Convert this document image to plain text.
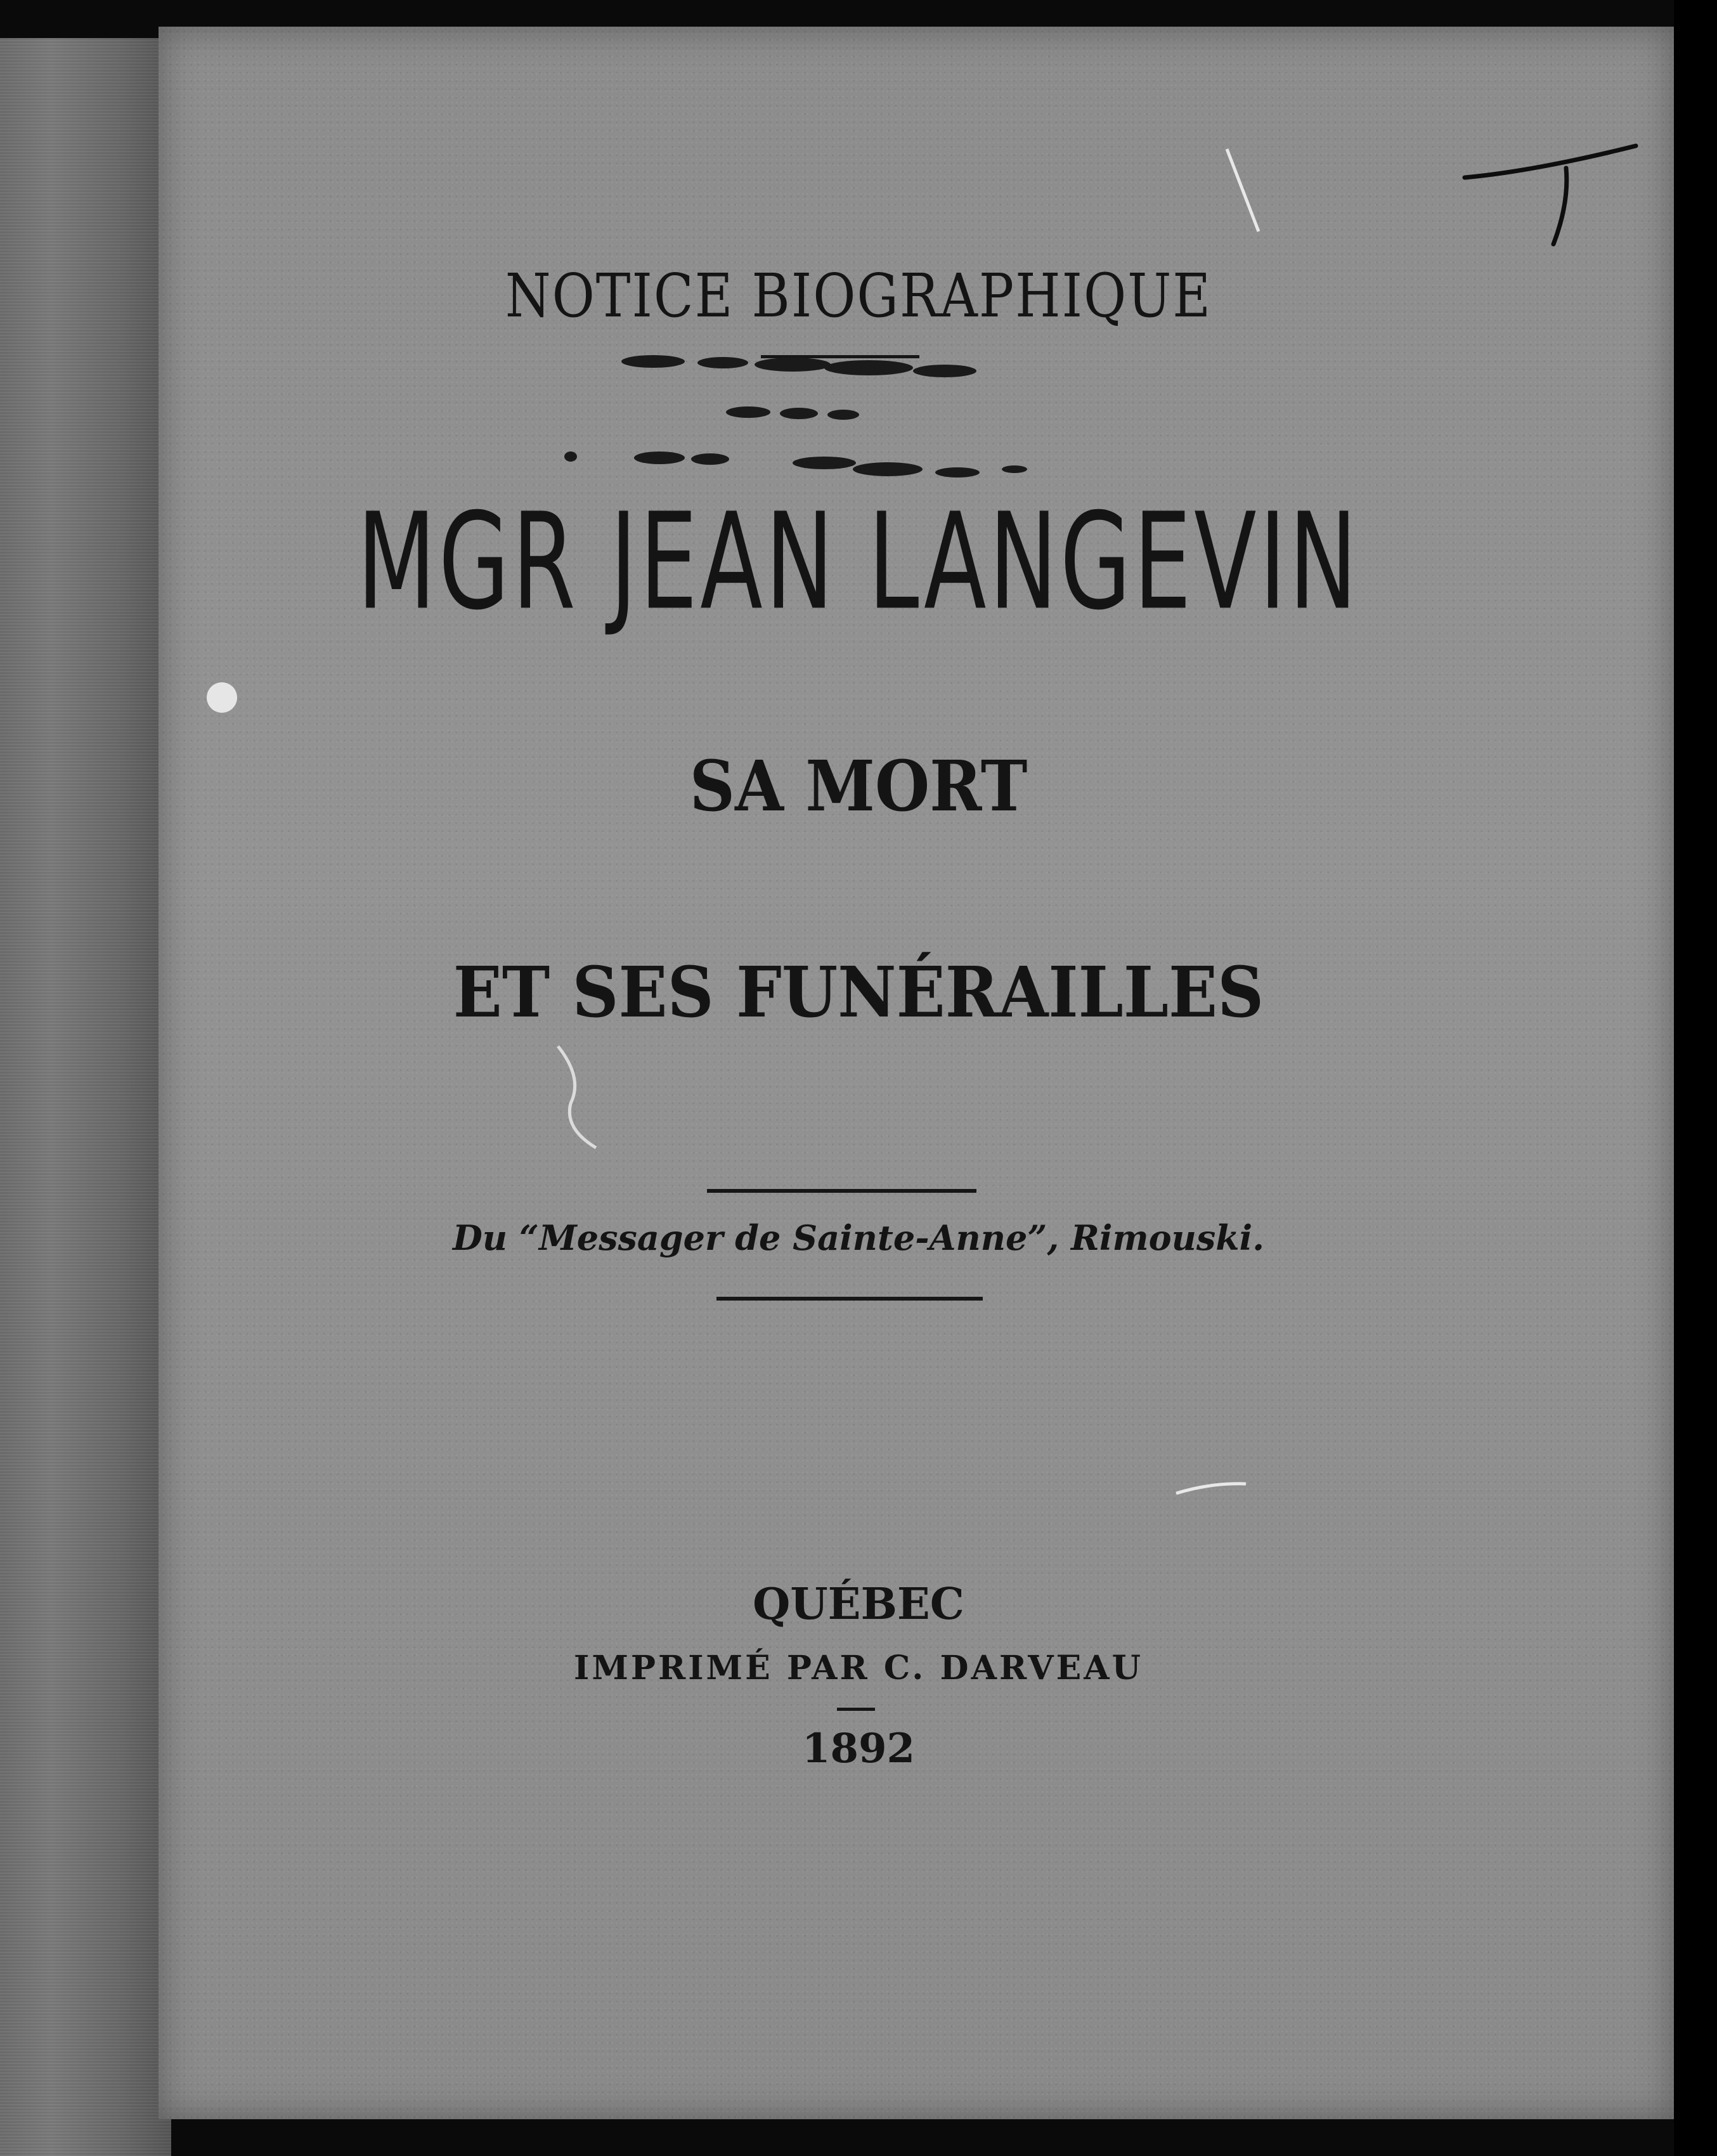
NOTICE BIOGRAPHIQUE
MGR JEAN LANGEVIN
SA MORT
ET SES FUNÉRAILLES

Du “Messager de Sainte-Anne”, Rimouski.

QUÉBEC

IMPRIMÉ PAR C. DARVEAU

1892
